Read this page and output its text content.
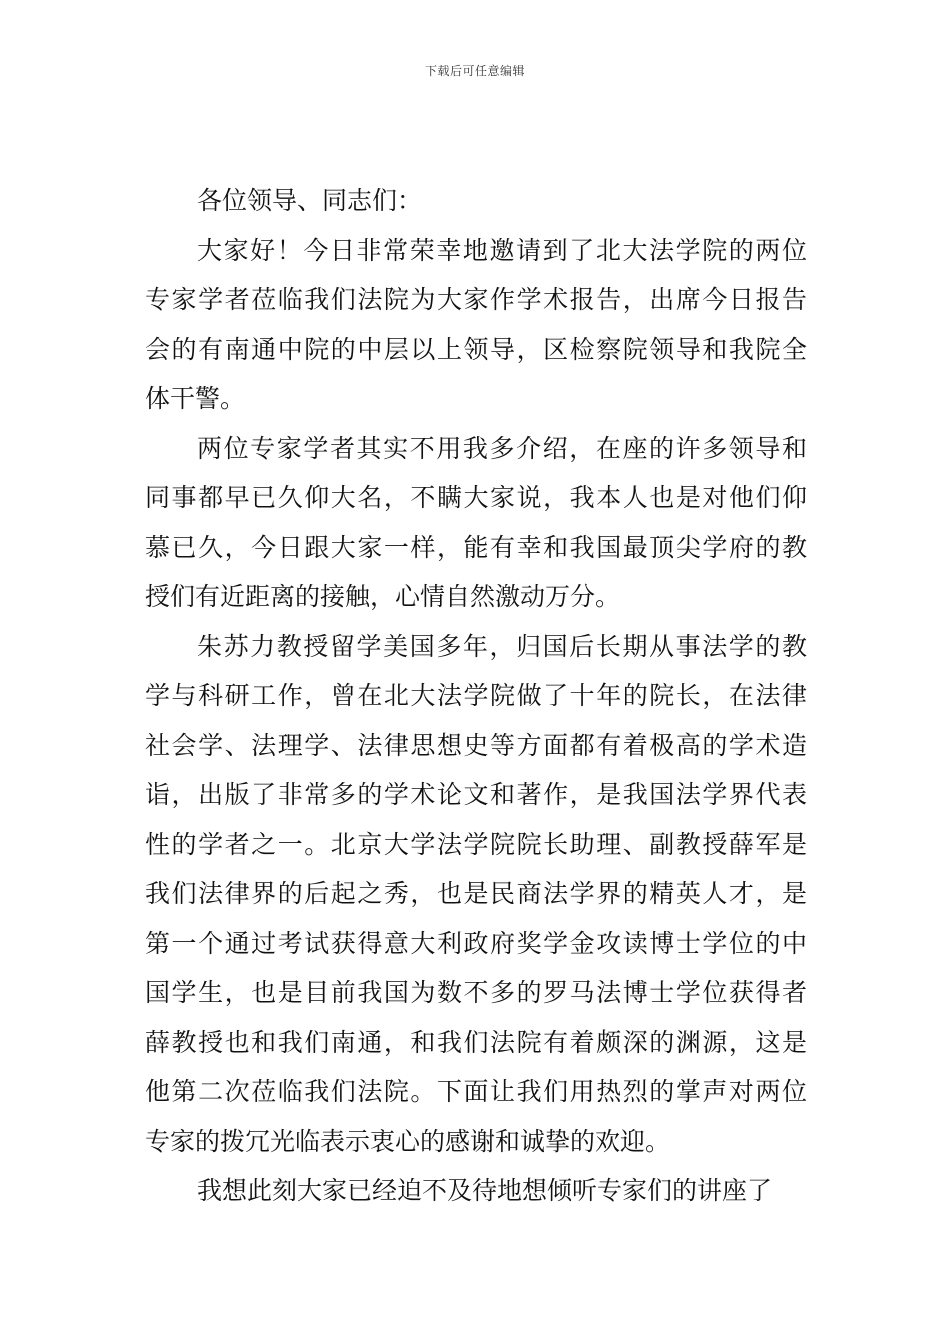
下载后可任意编辑
各位领导、同志们：
大家好！今日非常荣幸地邀请到了北大法学院的两位
专家学者莅临我们法院为大家作学术报告，出席今日报告
会的有南通中院的中层以上领导，区检察院领导和我院全
体干警。
两位专家学者其实不用我多介绍，在座的许多领导和
同事都早已久仰大名，不瞒大家说，我本人也是对他们仰
慕已久，今日跟大家一样，能有幸和我国最顶尖学府的教
授们有近距离的接触，心情自然激动万分。
朱苏力教授留学美国多年，归国后长期从事法学的教
学与科研工作，曾在北大法学院做了十年的院长，在法律
社会学、法理学、法律思想史等方面都有着极高的学术造
诣，出版了非常多的学术论文和著作，是我国法学界代表
性的学者之一。北京大学法学院院长助理、副教授薛军是
我们法律界的后起之秀，也是民商法学界的精英人才，是
第一个通过考试获得意大利政府奖学金攻读博士学位的中
国学生，也是目前我国为数不多的罗马法博士学位获得者
薛教授也和我们南通，和我们法院有着颇深的渊源，这是
他第二次莅临我们法院。下面让我们用热烈的掌声对两位
专家的拨冗光临表示衷心的感谢和诚挚的欢迎。
我想此刻大家已经迫不及待地想倾听专家们的讲座了
